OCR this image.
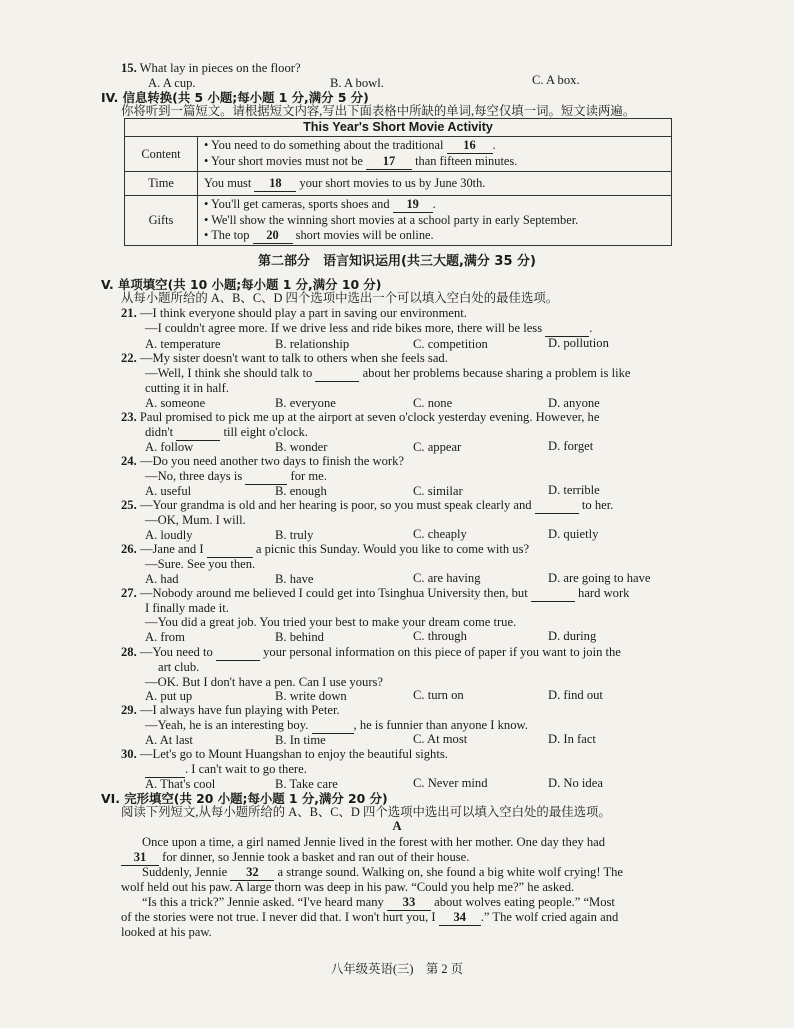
15. What lay in pieces on the floor?
A. A cup.	B. A bowl.	C. A box.
IV. 信息转换(共 5 小题;每小题 1 分,满分 5 分)
你将听到一篇短文。请根据短文内容,写出下面表格中所缺的单词,每空仅填一词。短文读两遍。
This Year's Short Movie Activity	
Content	• You need to do something about the traditional 16 .
• Your short movies must not be 17 than fifteen minutes.

Time	You must 18 your short movies to us by June 30th.
Gifts	• You'll get cameras, sports shoes and 19 .
• We'll show the winning short movies at a school party in early September.
• The top 20 short movies will be online.
第二部分　语言知识运用(共三大题,满分 35 分)
V. 单项填空(共 10 小题;每小题 1 分,满分 10 分)
从每小题所给的 A、B、C、D 四个选项中选出一个可以填入空白处的最佳选项。
21. —I think everyone should play a part in saving our environment.
—I couldn't agree more. If we drive less and ride bikes more, there will be less	.
A. temperature	B. relationship	C. competition	D. pollution
22. —My sister doesn't want to talk to others when she feels sad.
—Well, I think she should talk to	about her problems because sharing a problem is like
cutting it in half.
A. someone	B. everyone	C. none	D. anyone
23. Paul promised to pick me up at the airport at seven o'clock yesterday evening. However, he
didn't	till eight o'clock.
A. follow	B. wonder	C. appear	D. forget
24. —Do you need another two days to finish the work?
—No, three days is	for me.
A. useful	B. enough	C. similar	D. terrible
25. —Your grandma is old and her hearing is poor, so you must speak clearly and	to her.
—OK, Mum. I will.
A. loudly	B. truly	C. cheaply	D. quietly
26. —Jane and I	a picnic this Sunday. Would you like to come with us?
—Sure. See you then.
A. had	B. have	C. are having	D. are going to have
27. —Nobody around me believed I could get into Tsinghua University then, but	hard work
I finally made it.
—You did a great job. You tried your best to make your dream come true.
A. from	B. behind	C. through	D. during
28. —You need to	your personal information on this piece of paper if you want to join the
art club.
—OK. But I don't have a pen. Can I use yours?
A. put up	B. write down	C. turn on	D. find out
29. —I always have fun playing with Peter.
—Yeah, he is an interesting boy.	, he is funnier than anyone I know.
A. At last	B. In time	C. At most	D. In fact
30. —Let's go to Mount Huangshan to enjoy the beautiful sights.
. I can't wait to go there.
A. That's cool	B. Take care	C. Never mind	D. No idea
VI. 完形填空(共 20 小题;每小题 1 分,满分 20 分)
阅读下列短文,从每小题所给的 A、B、C、D 四个选项中选出可以填入空白处的最佳选项。
A
Once upon a time, a girl named Jennie lived in the forest with her mother. One day they had
31 for dinner, so Jennie took a basket and ran out of their house.
Suddenly, Jennie 32 a strange sound. Walking on, she found a big white wolf crying! The
wolf held out his paw. A large thorn was deep in his paw. “Could you help me?” he asked.
“Is this a trick?” Jennie asked. “I've heard many 33 about wolves eating people.” “Most
of the stories were not true. I never did that. I won't hurt you, I 34 .” The wolf cried again and
looked at his paw.
八年级英语(三)　第 2 页
